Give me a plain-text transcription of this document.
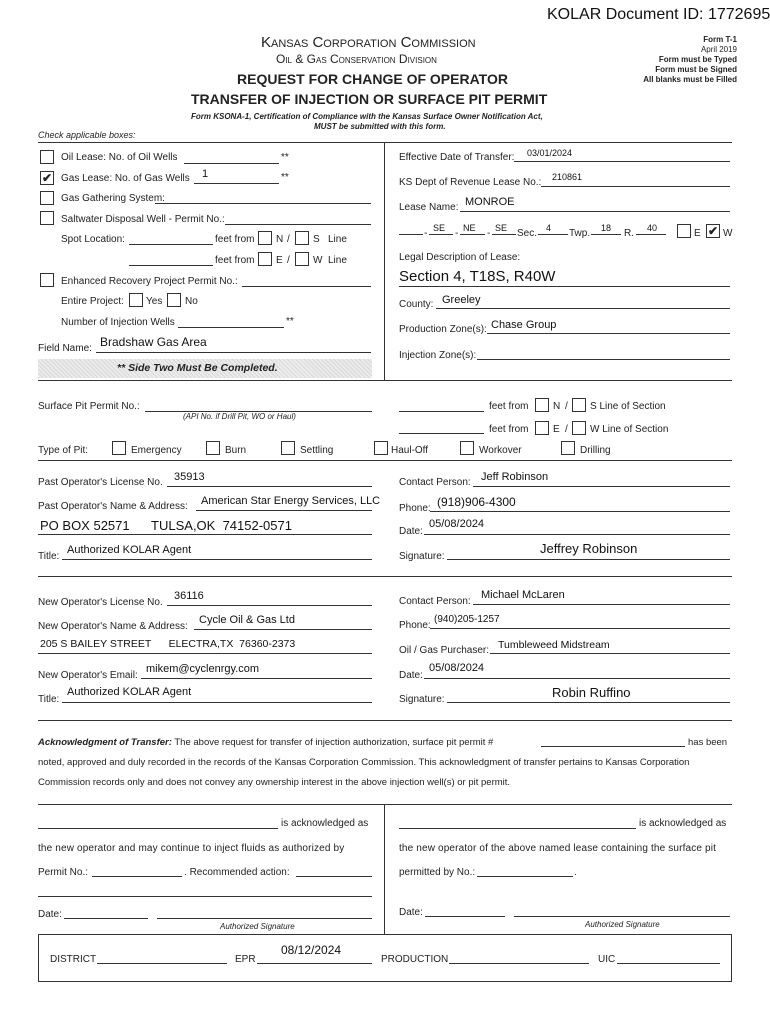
KOLAR Document ID: 1772695
Kansas Corporation Commission
Oil & Gas Conservation Division
REQUEST FOR CHANGE OF OPERATOR
TRANSFER OF INJECTION OR SURFACE PIT PERMIT
Form T-1
April 2019
Form must be Typed
Form must be Signed
All blanks must be Filled
Form KSONA-1, Certification of Compliance with the Kansas Surface Owner Notification Act,
MUST be submitted with this form.
Check applicable boxes:
Oil Lease: No. of Oil Wells	**
✔ Gas Lease: No. of Gas Wells 1	**
Gas Gathering System:
Saltwater Disposal Well - Permit No.:
Spot Location:	feet from N / S Line
feet from E / W Line
Enhanced Recovery Project Permit No.:
Entire Project: Yes No
Number of Injection Wells	**
Field Name: Bradshaw Gas Area
** Side Two Must Be Completed.
Effective Date of Transfer: 03/01/2024
KS Dept of Revenue Lease No.: 210861
Lease Name: MONROE
- SE - NE - SE Sec. 4 Twp. 18 R. 40	E ✔ W
Legal Description of Lease:
Section 4, T18S, R40W
County: Greeley
Production Zone(s): Chase Group
Injection Zone(s):
Surface Pit Permit No.:
(API No. if Drill Pit, WO or Haul)
feet from N / S Line of Section
feet from E / W Line of Section
Type of Pit:	Emergency	Burn	Settling	Haul-Off	Workover	Drilling
Past Operator's License No. 35913
Past Operator's Name & Address: American Star Energy Services, LLC
PO BOX 52571      TULSA,OK  74152-0571
Title:
Authorized KOLAR Agent
Contact Person: Jeff Robinson
Phone: (918)906-4300
Date:
05/08/2024
Signature:
Jeffrey Robinson
New Operator's License No.
36116
New Operator's Name & Address:
Cycle Oil & Gas Ltd
205 S BAILEY STREET      ELECTRA,TX  76360-2373
New Operator's Email:
mikem@cyclenrgy.com
Title:
Authorized KOLAR Agent
Contact Person:
Michael McLaren
Phone:
(940)205-1257
Oil / Gas Purchaser: Tumbleweed Midstream
Date:
05/08/2024
Signature:	Robin Ruffino
Acknowledgment of Transfer: The above request for transfer of injection authorization, surface pit permit #	has been
noted, approved and duly recorded in the records of the Kansas Corporation Commission. This acknowledgment of transfer pertains to Kansas Corporation
Commission records only and does not convey any ownership interest in the above injection well(s) or pit permit.
is acknowledged as
the new operator and may continue to inject fluids as authorized by
Permit No.:	. Recommended action:
Date:
Authorized Signature
is acknowledged as
the new operator of the above named lease containing the surface pit
permitted by No.:	.
Date:
Authorized Signature
DISTRICT	EPR
08/12/2024
PRODUCTION	UIC
